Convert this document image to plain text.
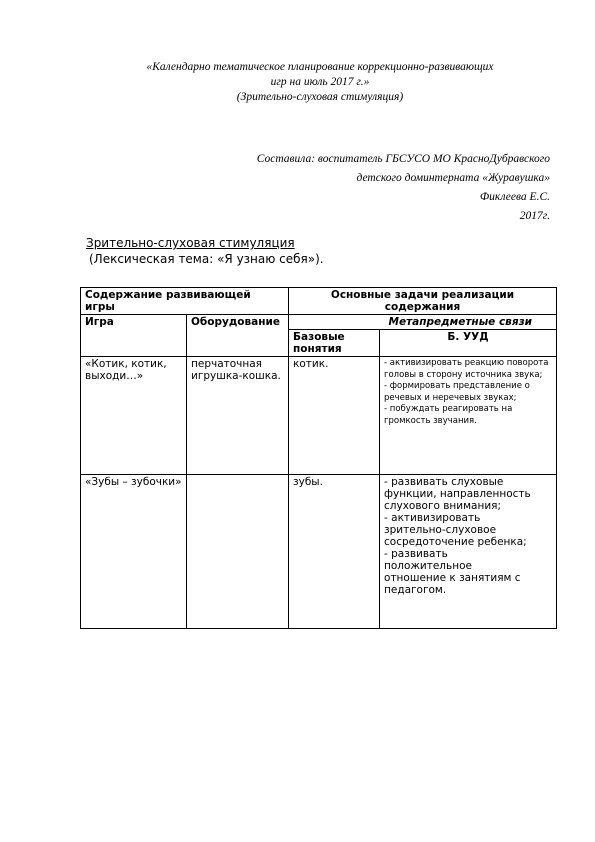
«Календарно тематическое планирование коррекционно-развивающих
игр на июль 2017 г.»
(Зрительно-слуховая стимуляция)
Составила: воспитатель ГБСУСО МО КрасноДубравского
детского доминтерната «Журавушка»
Фиклеева Е.С.
2017г.
Зрительно-слуховая стимуляция
(Лексическая тема: «Я узнаю себя»).
Содержание развивающей игры		Основные задачи реализации содержания	
Игра	Оборудование	Метапредметные связи	
		Базовые понятия	Б. УУД
«Котик, котик, выходи…»	перчаточная игрушка-кошка.	котик.	- активизировать реакцию поворота головы в сторону источника звука;
- формировать представление о речевых и неречевых звуках;
- побуждать реагировать на громкость звучания.

«Зубы – зубочки»		зубы.	- развивать слуховые функции, направленность слухового внимания;
- активизировать зрительно-слуховое сосредоточение ребенка;
- развивать положительное отношение к занятиям с педагогом.
